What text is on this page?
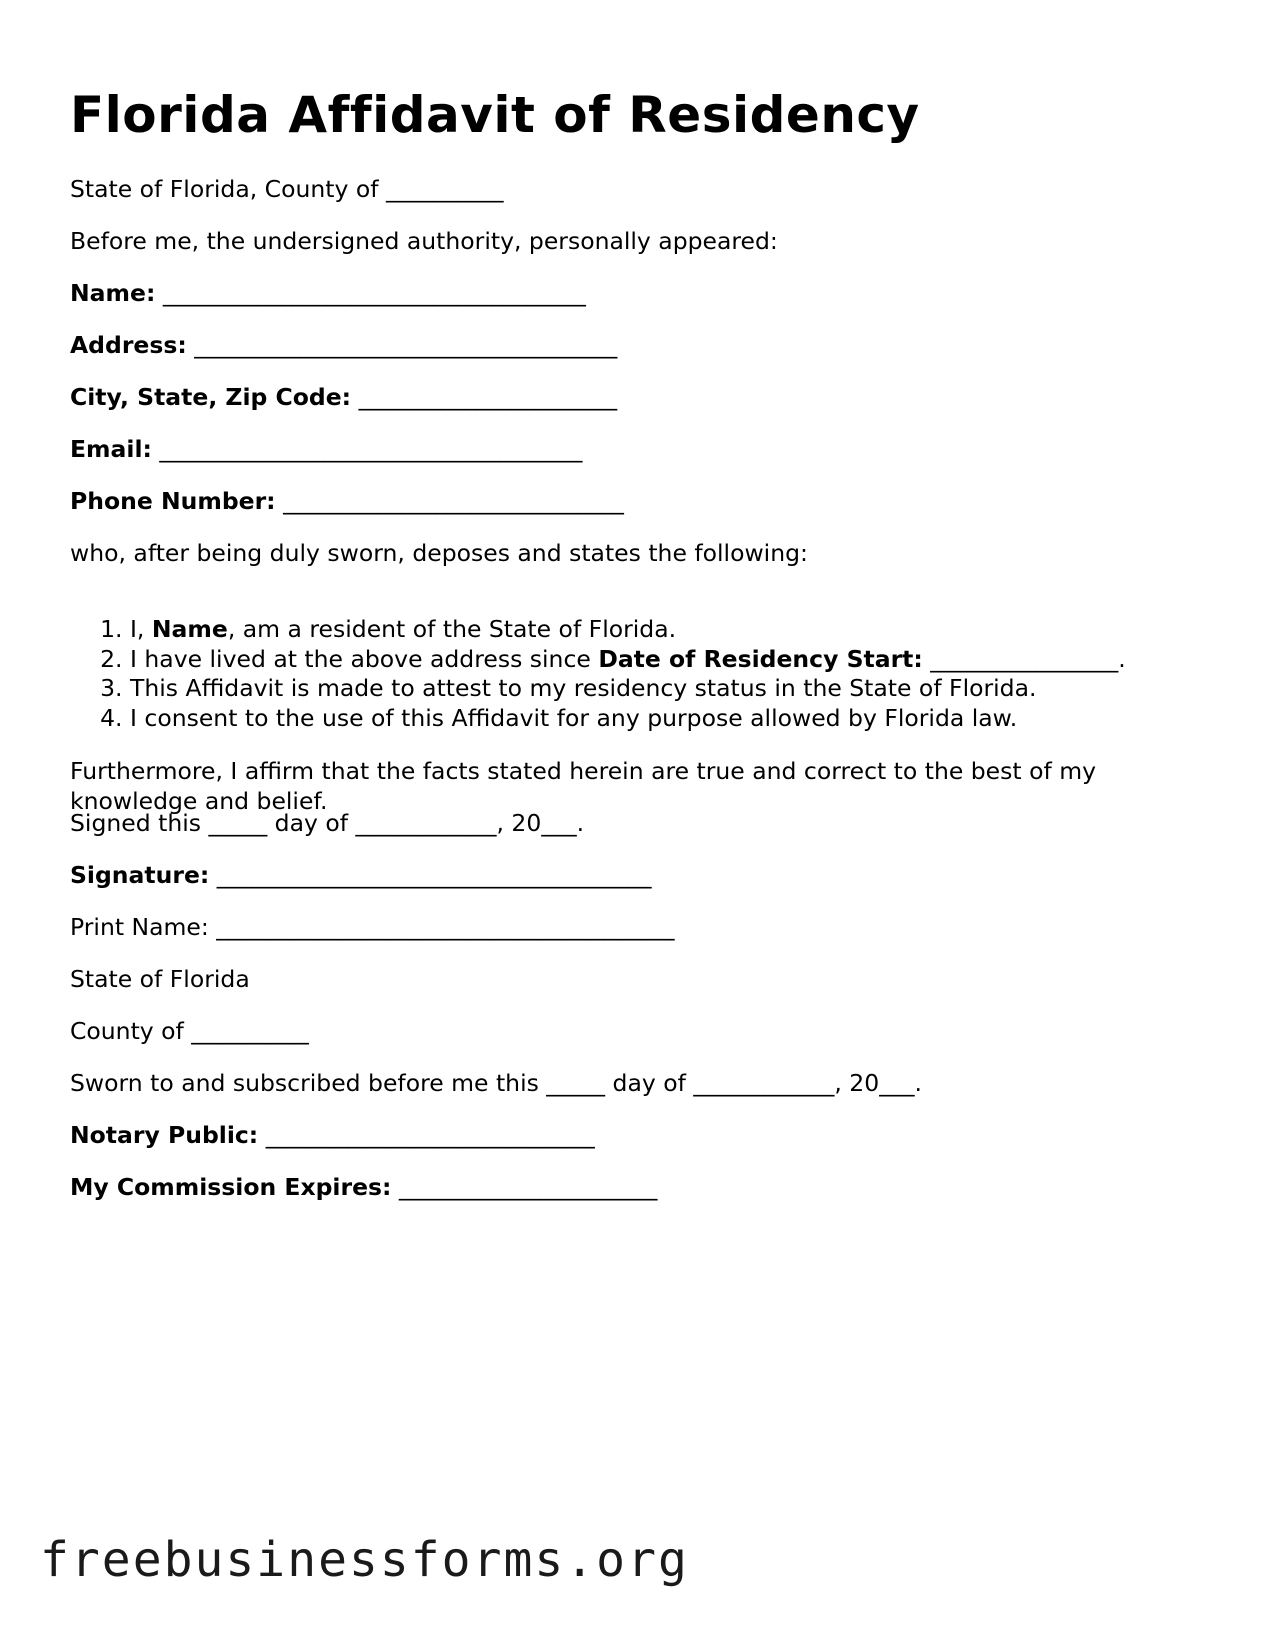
Florida Affidavit of Residency
State of Florida, County of __________
Before me, the undersigned authority, personally appeared:
Name: ____________________________________
Address: ____________________________________
City, State, Zip Code: ______________________
Email: ____________________________________
Phone Number: _____________________________
who, after being duly sworn, deposes and states the following:
1. I, Name, am a resident of the State of Florida.
2. I have lived at the above address since Date of Residency Start: ________________.
3. This Affidavit is made to attest to my residency status in the State of Florida.
4. I consent to the use of this Affidavit for any purpose allowed by Florida law.
Furthermore, I affirm that the facts stated herein are true and correct to the best of my knowledge and belief.
Signed this _____ day of ____________, 20___.
Signature: _____________________________________
Print Name: _______________________________________
State of Florida
County of __________
Sworn to and subscribed before me this _____ day of ____________, 20___.
Notary Public: ____________________________
My Commission Expires: ______________________
freebusinessforms.org
